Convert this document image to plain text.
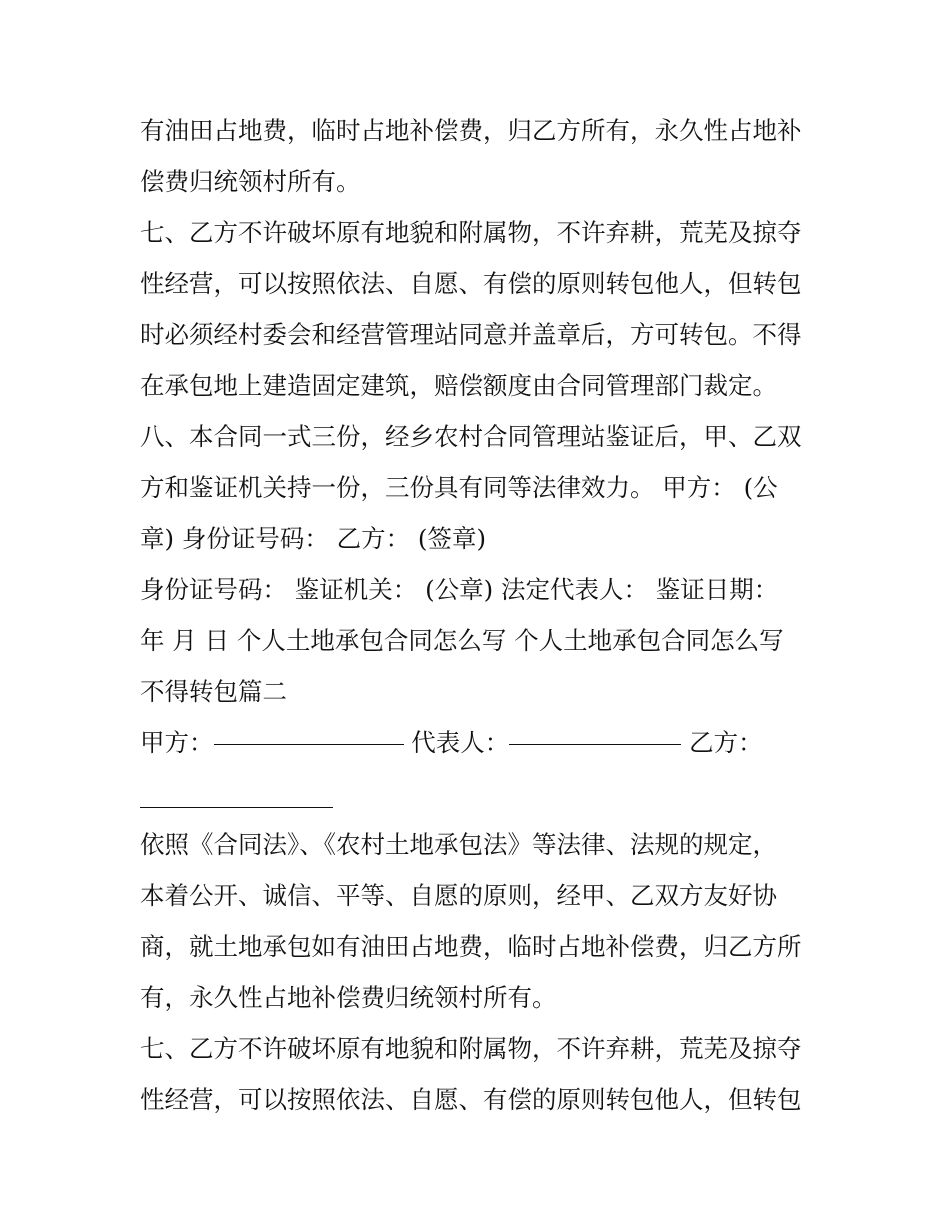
有油田占地费，临时占地补偿费，归乙方所有，永久性占地补
偿费归统领村所有。
七、乙方不许破坏原有地貌和附属物，不许弃耕，荒芜及掠夺
性经营，可以按照依法、自愿、有偿的原则转包他人，但转包
时必须经村委会和经营管理站同意并盖章后，方可转包。不得
在承包地上建造固定建筑，赔偿额度由合同管理部门裁定。
八、本合同一式三份，经乡农村合同管理站鉴证后，甲、乙双
方和鉴证机关持一份，三份具有同等法律效力。 甲方： (公
章) 身份证号码： 乙方： (签章)
身份证号码： 鉴证机关： (公章) 法定代表人： 鉴证日期：
年 月 日 个人土地承包合同怎么写 个人土地承包合同怎么写
不得转包篇二
甲方：	代表人：	乙方：
依照《合同法》、《农村土地承包法》等法律、法规的规定，
本着公开、诚信、平等、自愿的原则，经甲、乙双方友好协
商，就土地承包如有油田占地费，临时占地补偿费，归乙方所
有，永久性占地补偿费归统领村所有。
七、乙方不许破坏原有地貌和附属物，不许弃耕，荒芜及掠夺
性经营，可以按照依法、自愿、有偿的原则转包他人，但转包
